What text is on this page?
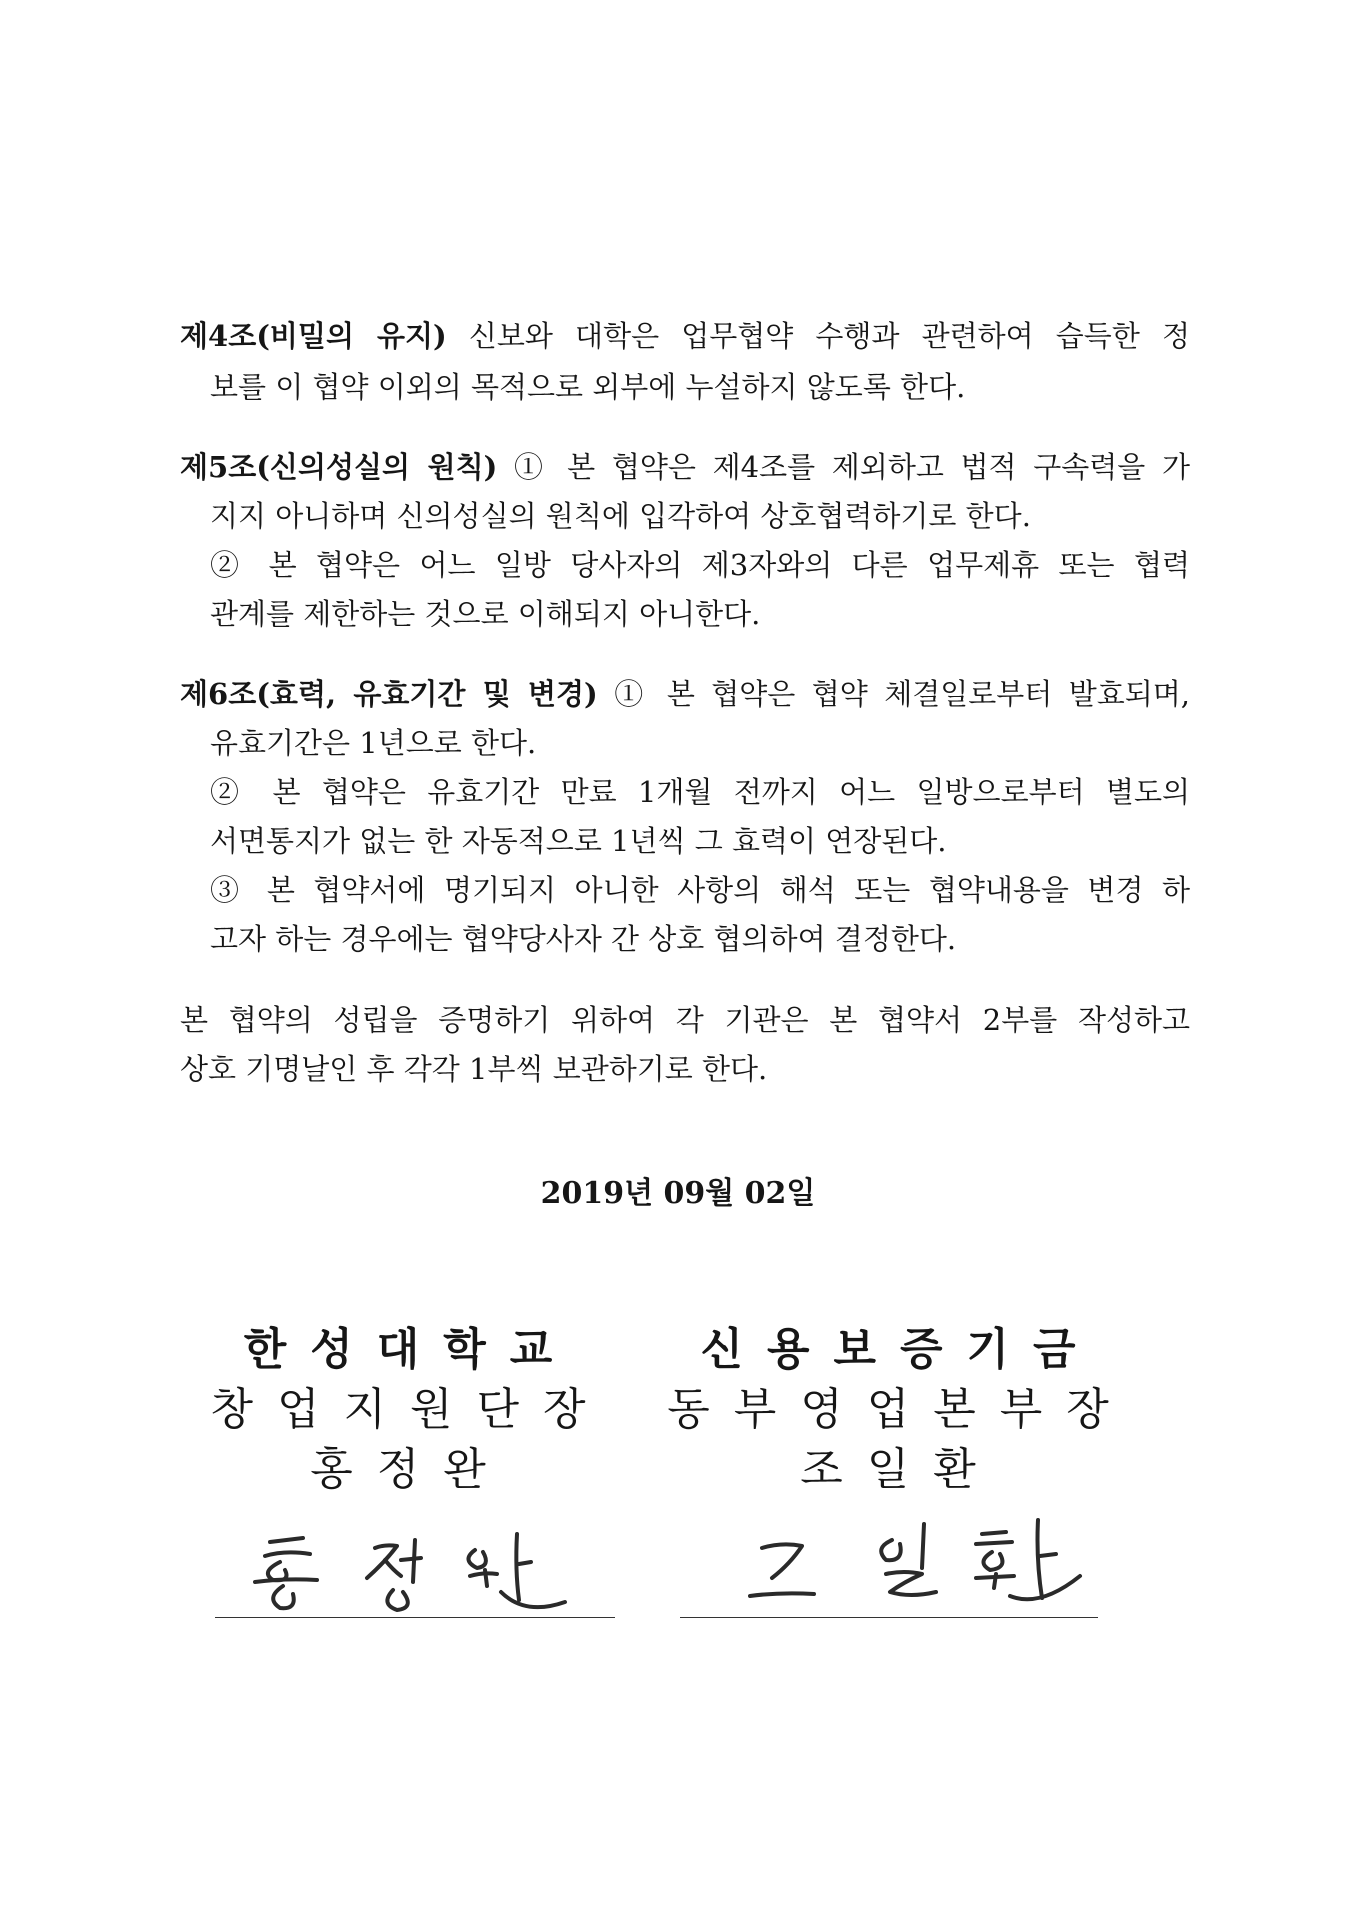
제4조(비밀의 유지) 신보와 대학은 업무협약 수행과 관련하여 습득한 정
보를 이 협약 이외의 목적으로 외부에 누설하지 않도록 한다.
제5조(신의성실의 원칙) ① 본 협약은 제4조를 제외하고 법적 구속력을 가
지지 아니하며 신의성실의 원칙에 입각하여 상호협력하기로 한다.
② 본 협약은 어느 일방 당사자의 제3자와의 다른 업무제휴 또는 협력
관계를 제한하는 것으로 이해되지 아니한다.
제6조(효력, 유효기간 및 변경) ① 본 협약은 협약 체결일로부터 발효되며,
유효기간은 1년으로 한다.
② 본 협약은 유효기간 만료 1개월 전까지 어느 일방으로부터 별도의
서면통지가 없는 한 자동적으로 1년씩 그 효력이 연장된다.
③ 본 협약서에 명기되지 아니한 사항의 해석 또는 협약내용을 변경 하
고자 하는 경우에는 협약당사자 간 상호 협의하여 결정한다.
본 협약의 성립을 증명하기 위하여 각 기관은 본 협약서 2부를 작성하고
상호 기명날인 후 각각 1부씩 보관하기로 한다.
2019년 09월 02일
한성대학교
창업지원단장
홍정완
신용보증기금
동부영업본부장
조일환
